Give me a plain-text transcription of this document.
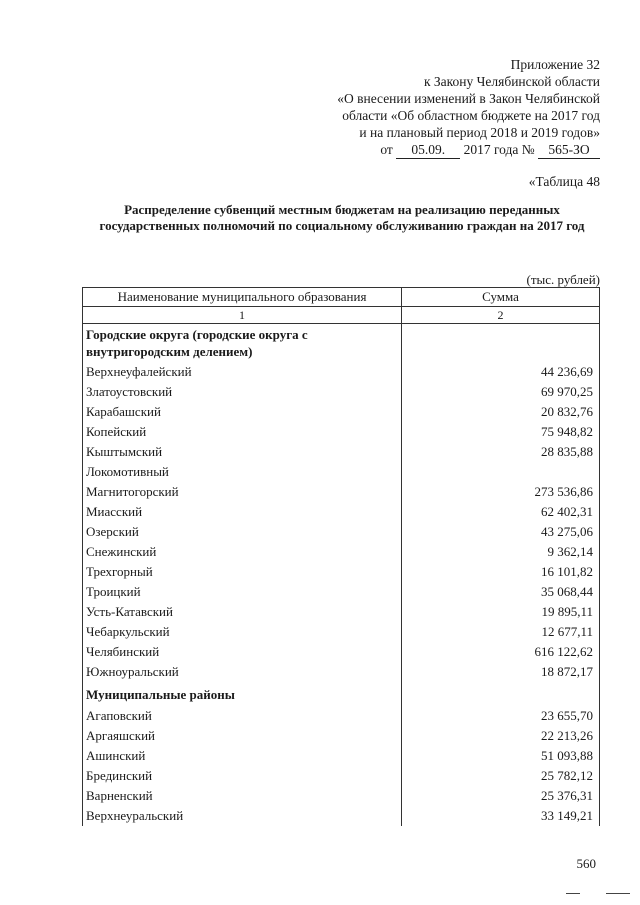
Приложение 32
к Закону Челябинской области
«О внесении изменений в Закон Челябинской
области «Об областном бюджете на 2017 год
и на плановый период 2018 и 2019 годов»
от 05.09. 2017 года № 565-ЗО
«Таблица 48
Распределение субвенций местным бюджетам на реализацию переданных государственных полномочий по социальному обслуживанию граждан на 2017 год
(тыс. рублей)
Наименование муниципального образования	Сумма
1	2
Городские округа (городские округа с внутригородским делением)	
Верхнеуфалейский	44 236,69
Златоустовский	69 970,25
Карабашский	20 832,76
Копейский	75 948,82
Кыштымский	28 835,88
Локомотивный	
Магнитогорский	273 536,86
Миасский	62 402,31
Озерский	43 275,06
Снежинский	9 362,14
Трехгорный	16 101,82
Троицкий	35 068,44
Усть-Катавский	19 895,11
Чебаркульский	12 677,11
Челябинский	616 122,62
Южноуральский	18 872,17
Муниципальные районы	
Агаповский	23 655,70
Аргаяшский	22 213,26
Ашинский	51 093,88
Брединский	25 782,12
Варненский	25 376,31
Верхнеуральский	33 149,21
560
